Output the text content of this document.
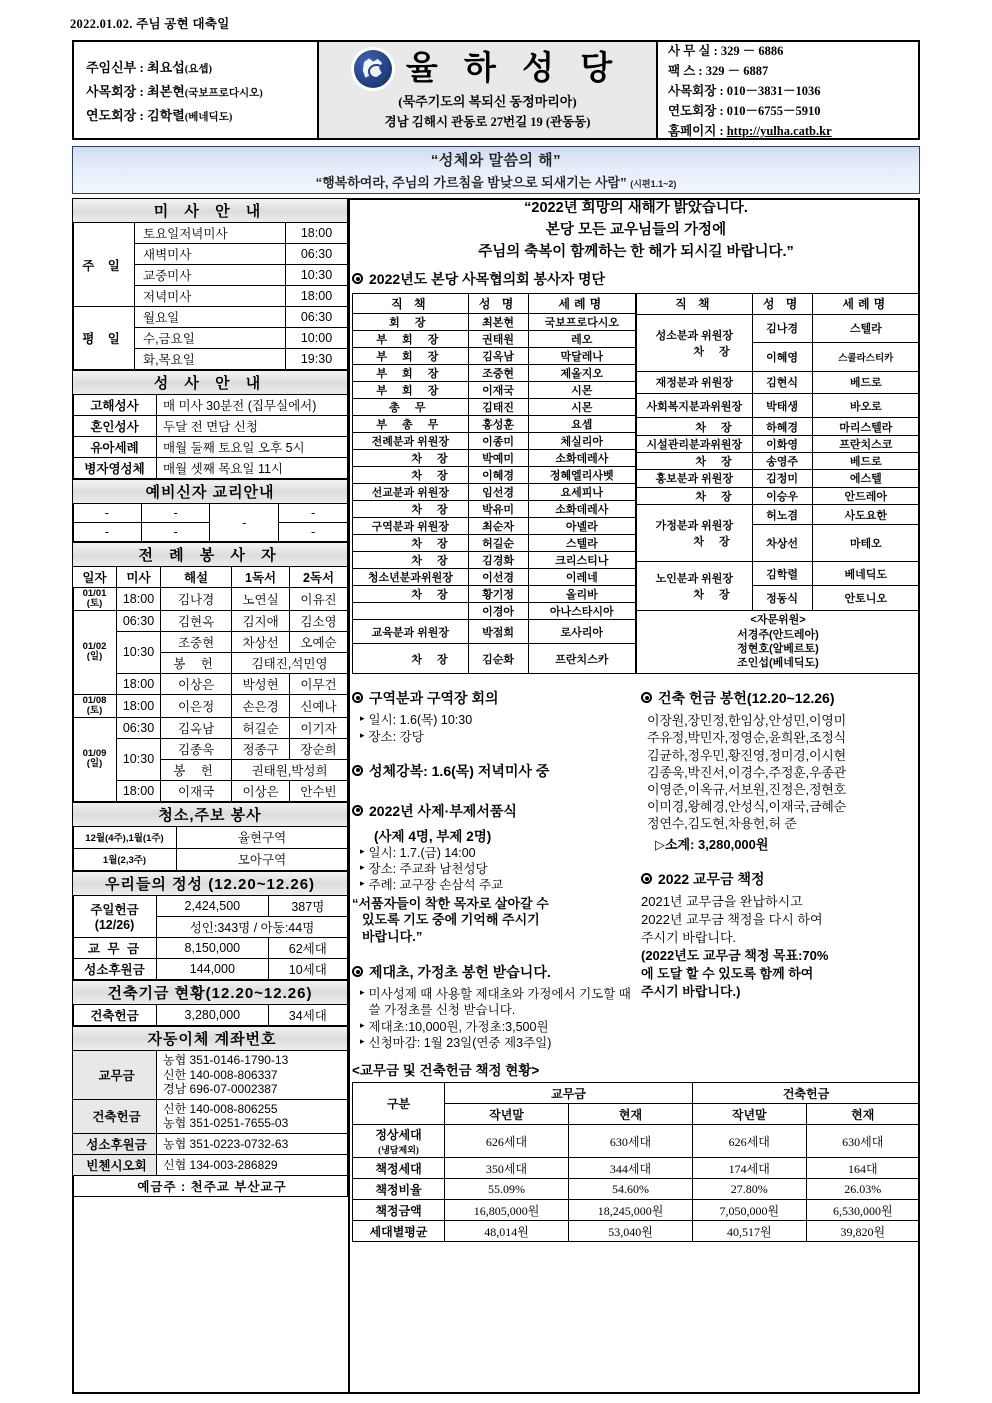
2022.01.02. 주님 공현 대축일
주임신부 : 최요섭(요셉)
사목회장 : 최본현(국보프로다시오)
연도회장 : 김학렬(베네딕도)
율 하 성 당
(묵주기도의 복되신 동정마리아)
경남 김해시 관동로 27번길 19 (관동동)
사 무 실 : 329 － 6886
팩 스 : 329 － 6887
사목회장 : 010－3831－1036
연도회장 : 010－6755－5910
홈페이지 : http://yulha.catb.kr
“성체와 말씀의 해”
“행복하여라, 주님의 가르침을 밤낮으로 되새기는 사람” (시편1.1~2)
미 사 안 내		
주 일	토요일저녁미사	18:00
	새벽미사	06:30
	교중미사	10:30
	저녁미사	18:00
평 일	월요일	06:30
	수,금요일	10:00
	화,목요일	19:30
성 사 안 내	
고해성사	매 미사 30분전 (집무실에서)
혼인성사	두달 전 면담 신청
유아세례	매월 둘째 토요일 오후 5시
병자영성체	매월 셋째 목요일 11시
예비신자 교리안내			
-	-	-	-
-	-		-
전 례 봉 사 자				
일자	미사	해설	1독서	2독서
01/01
(토)	18:00	김나경	노연실	이유진
01/02
(일)	06:30	김현옥	김지애	김소영
	10:30	조중현	차상선	오예순
		봉 헌	김태진,석민영	
	18:00	이상은	박성현	이무건
01/08
(토)	18:00	이은정	손은경	신예나
01/09
(일)	06:30	김옥남	허길순	이기자
	10:30	김종욱	정종구	장순희
		봉 헌	권태원,박성희	
	18:00	이재국	이상은	안수빈
청소,주보 봉사	
12월(4주),1월(1주)	율현구역
1월(2,3주)	모아구역
우리들의 정성 (12.20~12.26)		
주일헌금
(12/26)	2,424,500	387명
	성인:343명 / 아동:44명	
교 무 금	8,150,000	62세대
성소후원금	144,000	10세대
건축기금 현황(12.20~12.26)
건축헌금	3,280,000	34세대
자동이체 계좌번호	
교무금	농협 351-0146-1790-13
신한 140-008-806337
경남 696-07-0002387

건축헌금	신한 140-008-806255
농협 351-0251-7655-03

성소후원금	농협 351-0223-0732-63

빈첸시오회	신협 134-003-286829

예금주 : 천주교 부산교구	
“2022년 희망의 새해가 밝았습니다.
본당 모든 교우님들의 가정에
주님의 축복이 함께하는 한 해가 되시길 바랍니다.”
2022년도 본당 사목협의회 봉사자 명단
직 책	성 명	세례명
회 장	최본현	국보프로다시오
부 회 장	권태원	레오
부 회 장	김옥남	막달레나
부 회 장	조중현	제올지오
부 회 장	이재국	시몬
총 무	김태진	시몬
부 총 무	홍성훈	요셉
전례분과 위원장	이종미	체실리아
차 장	박예미	소화데레사
차 장	이혜경	정혜엘리사벳
선교분과 위원장	임선경	요세피나
차 장	박유미	소화데레사
구역분과 위원장	최순자	아녤라
차 장	허길순	스텔라
차 장	김경화	크리스티나
청소년분과위원장	이선경	이레네
차 장	황기정	올리바
	이경아	아나스타시아
교육분과 위원장	박점희	로사리아
차 장	김순화	프란치스카
직 책	성 명	세례명

성소분과 위원장
차 장	김나경	스텔라
	이혜영	스콜라스티카
재정분과 위원장	김현식	베드로
사회복지분과위원장	박태생	바오로
차 장	하혜경	마리스텔라
시설관리분과위원장	이화영	프란치스코
차 장	송영주	베드로
홍보분과 위원장	김정미	에스텔
차 장	이승우	안드레아

가정분과 위원장
차 장	허노겸	사도요한
	차상선	마테오

노인분과 위원장
차 장	김학렬	베네딕도
	정동식	안토니오

<자문위원>
서경주(안드레아)
정현호(알베르토)
조인섭(베네딕도)		
구역분과 구역장 회의
▸ 일시: 1.6(목) 10:30
▸ 장소: 강당
성체강복: 1.6(목) 저녁미사 중
2022년 사제·부제서품식
(사제 4명, 부제 2명)
▸ 일시: 1.7.(금) 14:00
▸ 장소: 주교좌 남천성당
▸ 주례: 교구장 손삼석 주교
“서품자들이 착한 목자로 살아갈 수
있도록 기도 중에 기억해 주시기
바랍니다.”
제대초, 가정초 봉헌 받습니다.
▸ 미사성제 때 사용할 제대초와 가정에서 기도할 때 쓸 가정초를 신청 받습니다.
▸ 제대초:10,000원, 가정초:3,500원
▸ 신청마감: 1월 23일(연중 제3주일)
건축 헌금 봉헌(12.20~12.26)
이장원,장민정,한임상,안성민,이영미
주유정,박민자,정영순,윤희완,조정식
김균하,정우민,황진영,정미경,이시현
김종욱,박진서,이경수,주정훈,우종관
이영준,이옥규,서보원,진정은,정현호
이미경,왕혜경,안성식,이재국,금혜순
정연수,김도현,차용헌,허 준
▷소계: 3,280,000원
2022 교무금 책정
2021년 교무금을 완납하시고
2022년 교무금 책정을 다시 하여
주시기 바랍니다.
(2022년도 교무금 책정 목표:70%
에 도달 할 수 있도록 함께 하여
주시기 바랍니다.)
<교무금 및 건축헌금 책정 현황>
구분	교무금		건축헌금	
	작년말	현재	작년말	현재
정상세대
(냉담제외)	626세대	630세대	626세대	630세대
책정세대	350세대	344세대	174세대	164대
책정비율	55.09%	54.60%	27.80%	26.03%
책정금액	16,805,000원	18,245,000원	7,050,000원	6,530,000원
세대별평균	48,014원	53,040원	40,517원	39,820원
